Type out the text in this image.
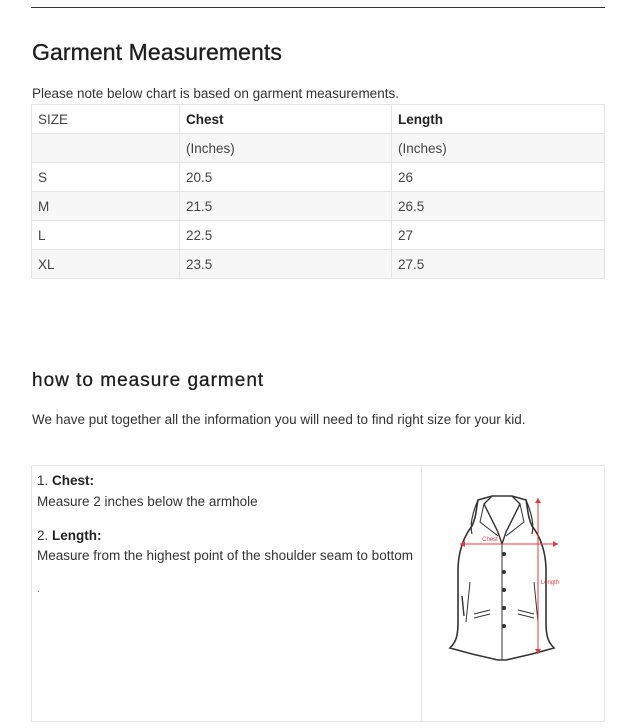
Garment Measurements
Please note below chart is based on garment measurements.
SIZE	Chest	Length
	(Inches)	(Inches)
S	20.5	26
M	21.5	26.5
L	22.5	27
XL	23.5	27.5
how to measure garment
We have put together all the information you will need to find right size for your kid.
1. Chest:
Measure 2 inches below the armhole
2. Length:
Measure from the highest point of the shoulder seam to bottom
.
Chest
Length
